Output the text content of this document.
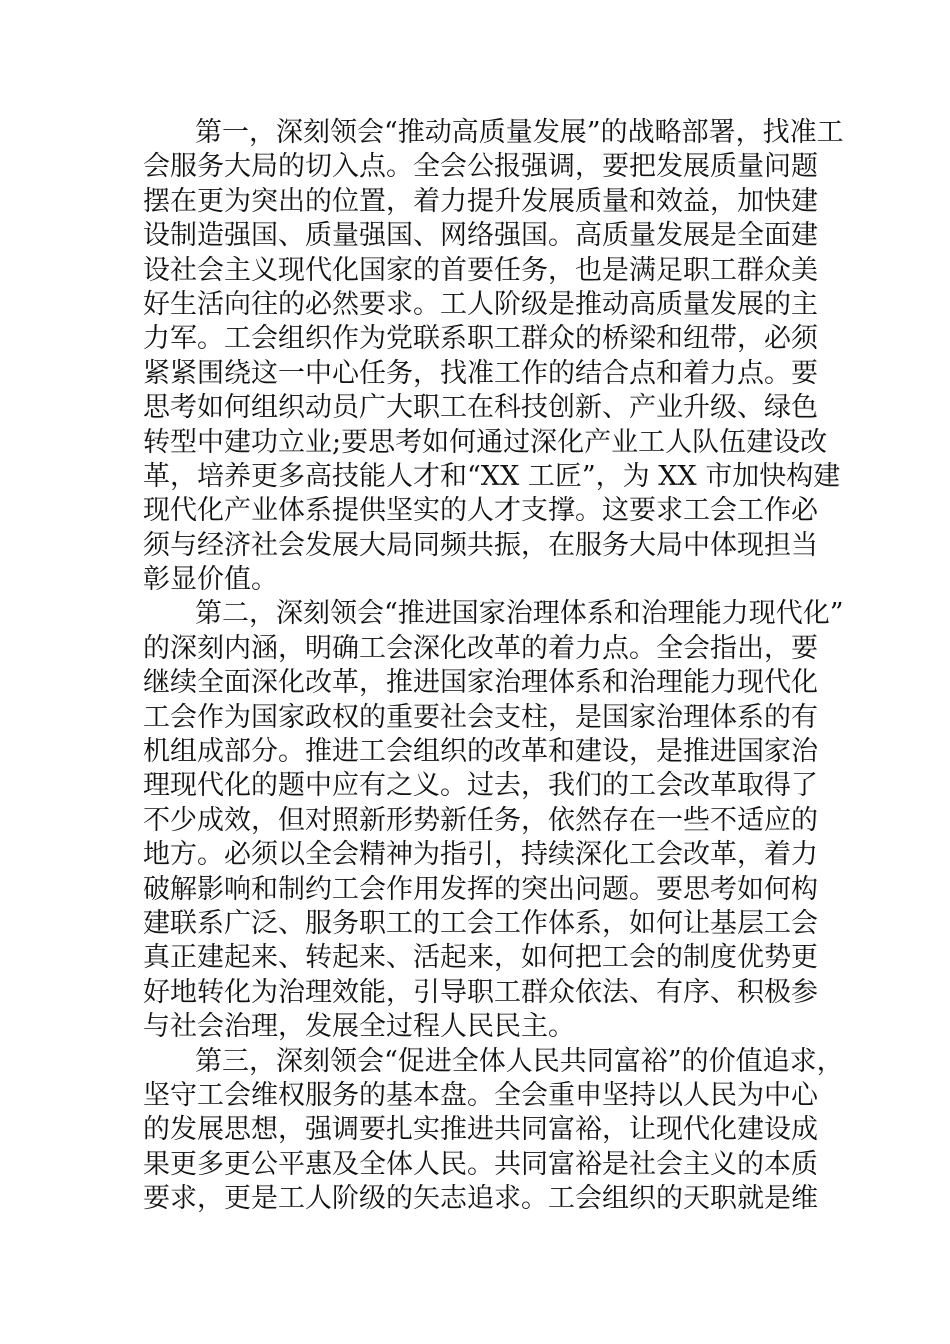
第一，深刻领会“推动高质量发展”的战略部署，找准工
会服务大局的切入点。全会公报强调，要把发展质量问题
摆在更为突出的位置，着力提升发展质量和效益，加快建
设制造强国、质量强国、网络强国。高质量发展是全面建
设社会主义现代化国家的首要任务，也是满足职工群众美
好生活向往的必然要求。工人阶级是推动高质量发展的主
力军。工会组织作为党联系职工群众的桥梁和纽带，必须
紧紧围绕这一中心任务，找准工作的结合点和着力点。要
思考如何组织动员广大职工在科技创新、产业升级、绿色
转型中建功立业;要思考如何通过深化产业工人队伍建设改
革，培养更多高技能人才和“XX 工匠”，为 XX 市加快构建
现代化产业体系提供坚实的人才支撑。这要求工会工作必
须与经济社会发展大局同频共振，在服务大局中体现担当
彰显价值。
第二，深刻领会“推进国家治理体系和治理能力现代化”
的深刻内涵，明确工会深化改革的着力点。全会指出，要
继续全面深化改革，推进国家治理体系和治理能力现代化
工会作为国家政权的重要社会支柱，是国家治理体系的有
机组成部分。推进工会组织的改革和建设，是推进国家治
理现代化的题中应有之义。过去，我们的工会改革取得了
不少成效，但对照新形势新任务，依然存在一些不适应的
地方。必须以全会精神为指引，持续深化工会改革，着力
破解影响和制约工会作用发挥的突出问题。要思考如何构
建联系广泛、服务职工的工会工作体系，如何让基层工会
真正建起来、转起来、活起来，如何把工会的制度优势更
好地转化为治理效能，引导职工群众依法、有序、积极参
与社会治理，发展全过程人民民主。
第三，深刻领会“促进全体人民共同富裕”的价值追求，
坚守工会维权服务的基本盘。全会重申坚持以人民为中心
的发展思想，强调要扎实推进共同富裕，让现代化建设成
果更多更公平惠及全体人民。共同富裕是社会主义的本质
要求，更是工人阶级的矢志追求。工会组织的天职就是维
